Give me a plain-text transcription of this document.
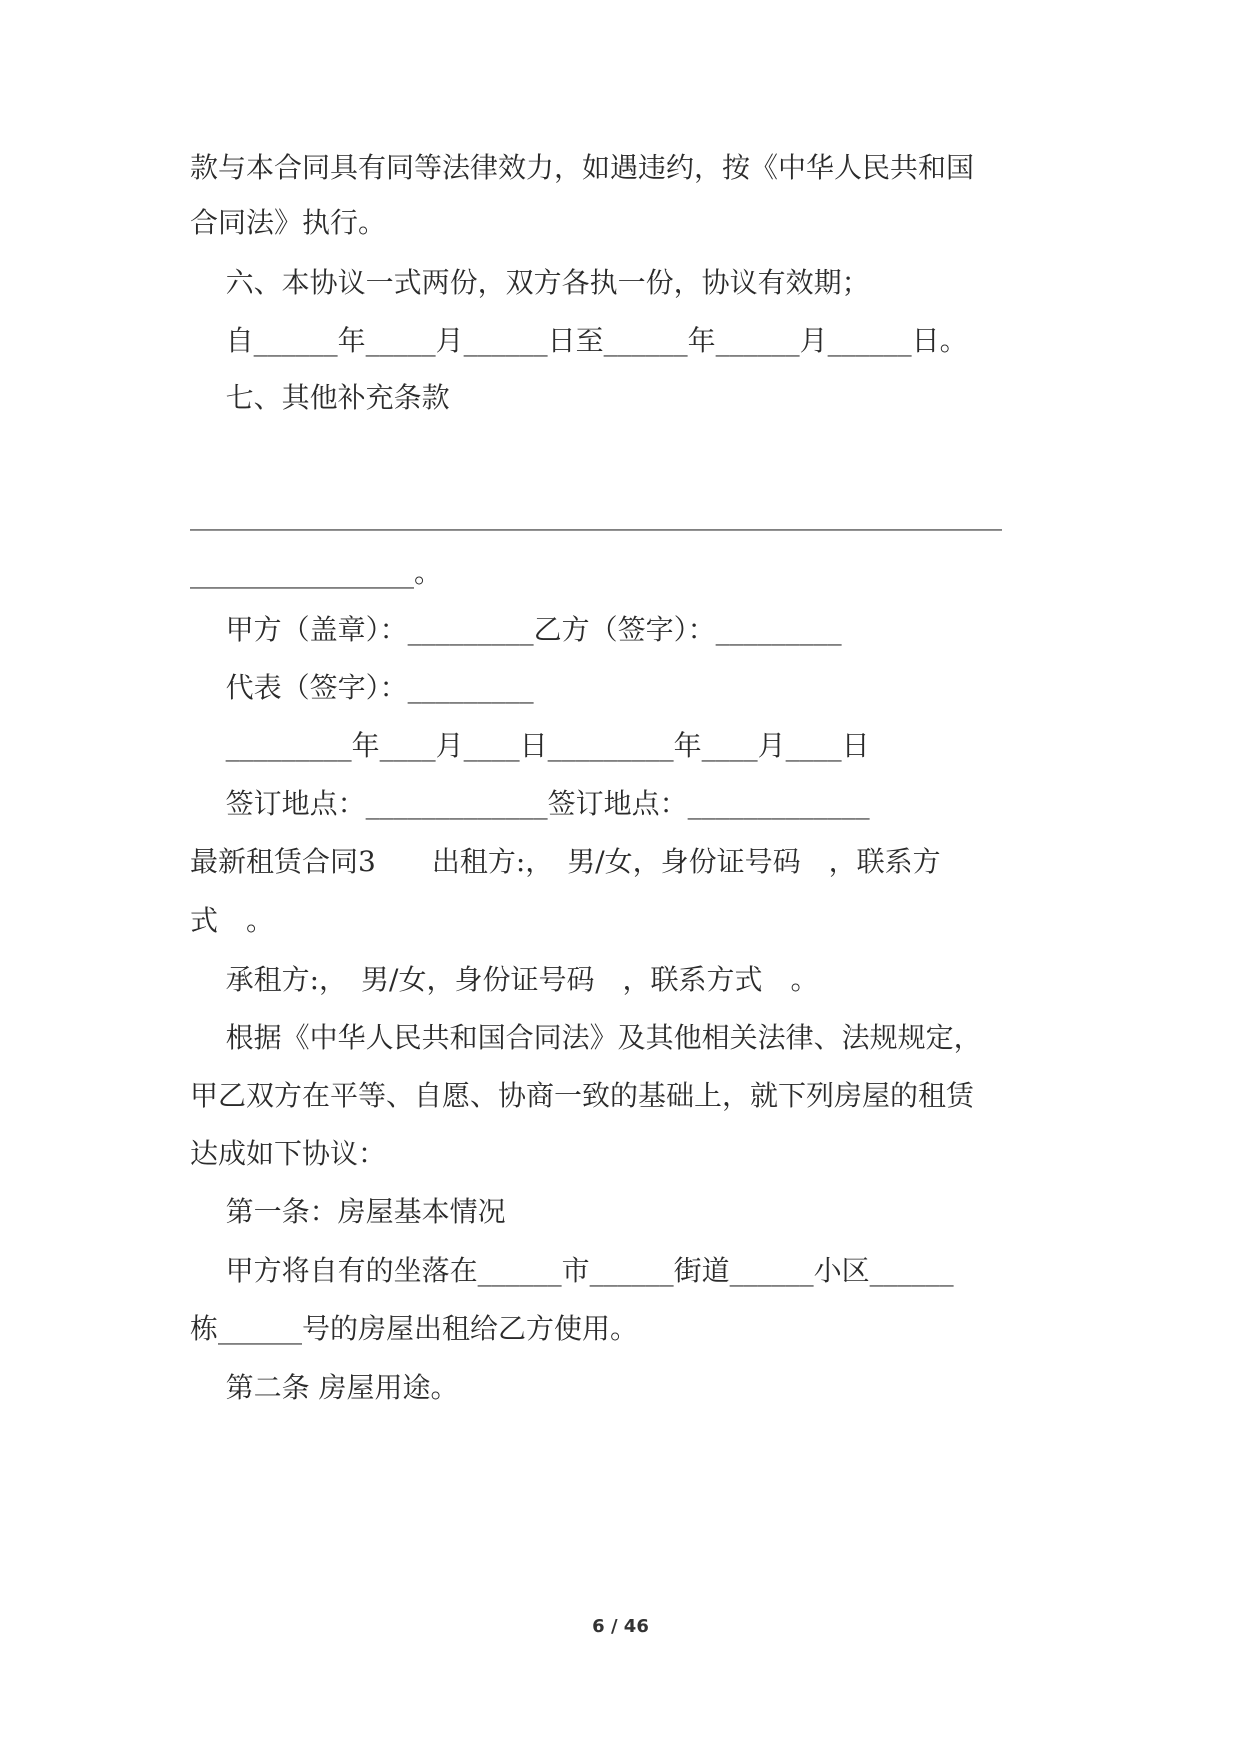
款与本合同具有同等法律效力，如遇违约，按《中华人民共和国
合同法》执行。
六、本协议一式两份，双方各执一份，协议有效期；
自______年_____月______日至______年______月______日。
七、其他补充条款
__________________________________________________________
________________。
甲方（盖章）：_________乙方（签字）：_________
代表（签字）：_________
_________年____月____日_________年____月____日
签订地点：_____________签订地点：_____________
最新租赁合同3　　出租方:，　男/女，身份证号码　，联系方
式　。
承租方:，　男/女，身份证号码　，联系方式　。
根据《中华人民共和国合同法》及其他相关法律、法规规定，
甲乙双方在平等、自愿、协商一致的基础上，就下列房屋的租赁
达成如下协议：
第一条：房屋基本情况
甲方将自有的坐落在______市______街道______小区______
栋______号的房屋出租给乙方使用。
第二条 房屋用途。
6 / 46
